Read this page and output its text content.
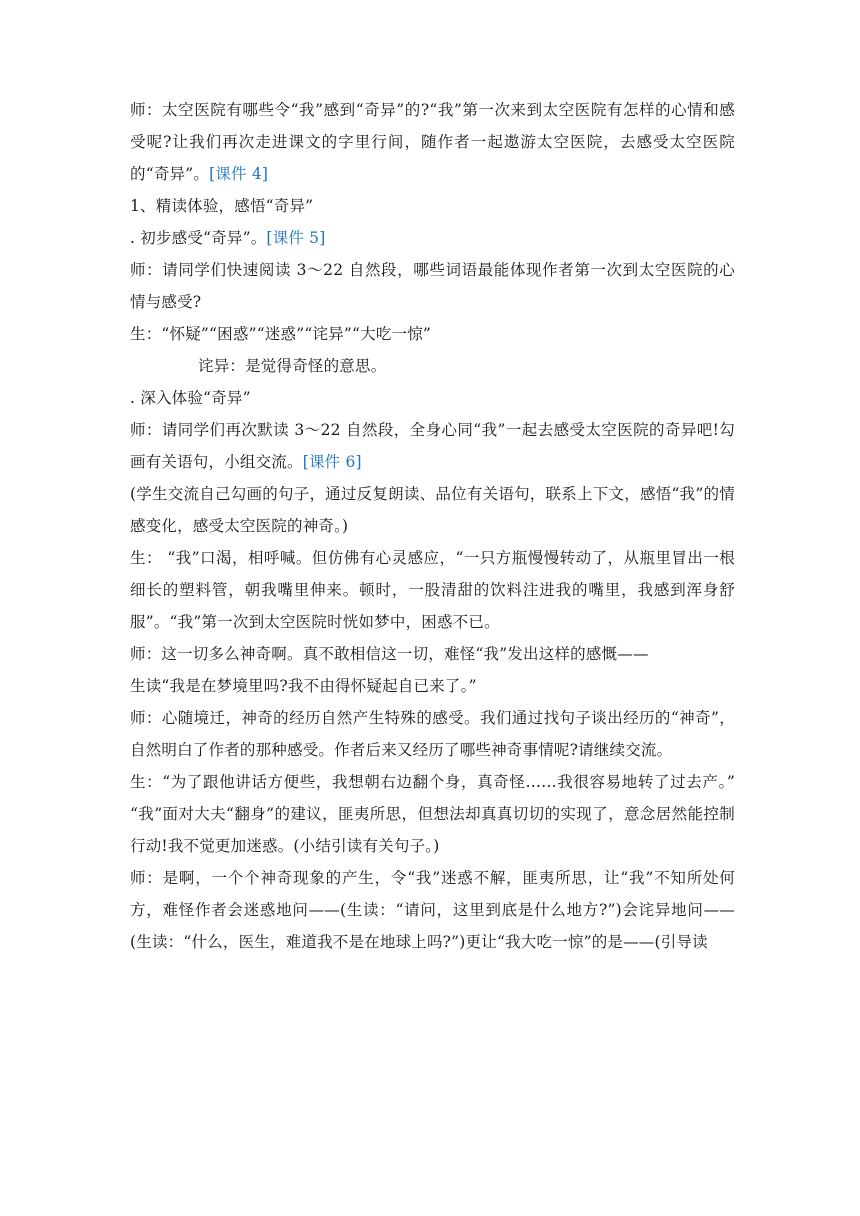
师：太空医院有哪些令“我”感到“奇异”的?“我”第一次来到太空医院有怎样的心情和感受呢?让我们再次走进课文的字里行间，随作者一起遨游太空医院，去感受太空医院的“奇异”。[课件 4]

1、精读体验，感悟“奇异”

. 初步感受“奇异”。[课件 5]

师：请同学们快速阅读 3～22 自然段，哪些词语最能体现作者第一次到太空医院的心情与感受?

生：“怀疑”“困惑”“迷惑”“诧异”“大吃一惊”

诧异：是觉得奇怪的意思。

. 深入体验“奇异”

师：请同学们再次默读 3～22 自然段，全身心同“我”一起去感受太空医院的奇异吧!勾画有关语句，小组交流。[课件 6]

(学生交流自己勾画的句子，通过反复朗读、品位有关语句，联系上下文，感悟“我”的情感变化，感受太空医院的神奇。)

生： “我”口渴，相呼喊。但仿佛有心灵感应，“一只方瓶慢慢转动了，从瓶里冒出一根细长的塑料管，朝我嘴里伸来。顿时，一股清甜的饮料注进我的嘴里，我感到浑身舒服”。“我”第一次到太空医院时恍如梦中，困惑不已。

师：这一切多么神奇啊。真不敢相信这一切，难怪“我”发出这样的感慨——

生读“我是在梦境里吗?我不由得怀疑起自已来了。”

师：心随境迁，神奇的经历自然产生特殊的感受。我们通过找句子谈出经历的“神奇”，自然明白了作者的那种感受。作者后来又经历了哪些神奇事情呢?请继续交流。

生：“为了跟他讲话方便些，我想朝右边翻个身，真奇怪……我很容易地转了过去产。” “我”面对大夫“翻身”的建议，匪夷所思，但想法却真真切切的实现了，意念居然能控制行动!我不觉更加迷惑。(小结引读有关句子。)

师：是啊，一个个神奇现象的产生，令“我”迷惑不解，匪夷所思，让“我”不知所处何方，难怪作者会迷惑地问——(生读：“请问，这里到底是什么地方?”)会诧异地问——(生读：“什么，医生，难道我不是在地球上吗?”)更让“我大吃一惊”的是——(引导读
